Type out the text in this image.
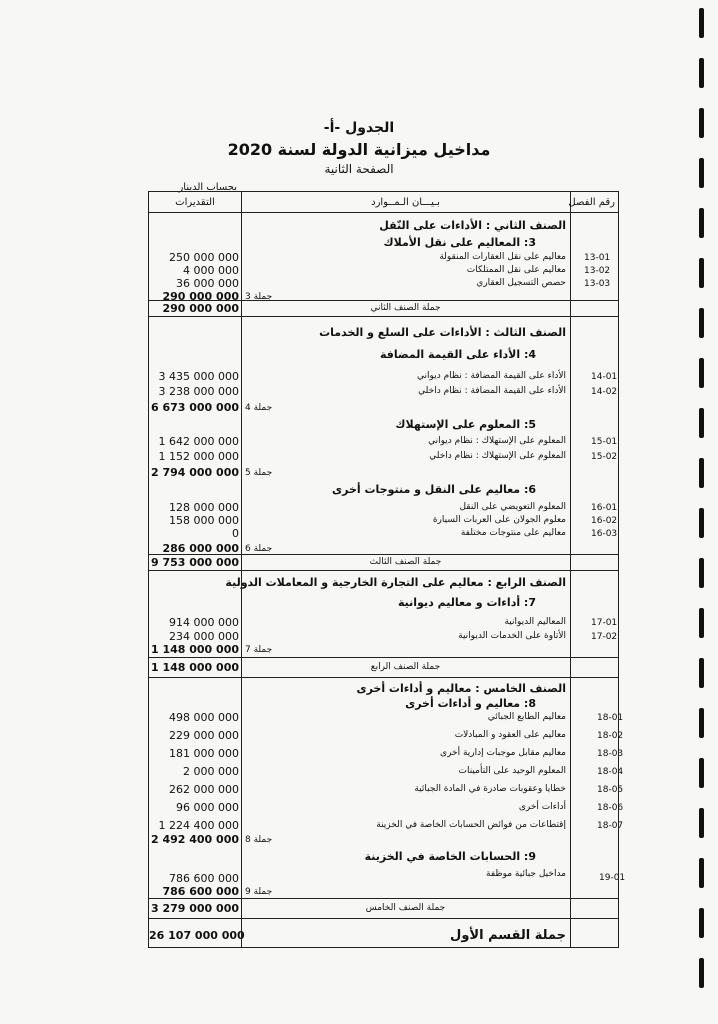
الجدول -أ-
مداخيل ميزانية الدولة لسنة 2020
الصفحة الثانية
بحساب الدينار
رقم الفصل
بـيـــان الـمــوارد
التقديرات
الصنف الثاني : الأداءات على النّقل
3: المعاليم على نقل الأملاك
13-01
معاليم على نقل العقارات المنقولة
250 000 000
13-02
معاليم على نقل الممتلكات
4 000 000
13-03
حصص التسجيل العقاري
36 000 000
290 000 000 جملة 3
جملة الصنف الثاني
290 000 000
الصنف الثالث : الأداءات على السلع و الخدمات
4: الأداء على القيمة المضافة
14-01
الأداء على القيمة المضافة : نظام ديواني
3 435 000 000
14-02
الأداء على القيمة المضافة : نظام داخلي
3 238 000 000
6 673 000 000 جملة 4
5: المعلوم على الإستهلاك
15-01
المعلوم على الإستهلاك : نظام ديواني
1 642 000 000
15-02
المعلوم على الإستهلاك : نظام داخلي
1 152 000 000
2 794 000 000 جملة 5
6: معاليم على النقل و منتوجات أخرى
16-01
المعلوم التعويضي على النقل
128 000 000
16-02
معلوم الجولان على العربات السيارة
158 000 000
16-03
معاليم على منتوجات مختلفة
0
286 000 000 جملة 6
جملة الصنف الثالث
9 753 000 000
الصنف الرابع : معاليم على التجارة الخارجية و المعاملات الدولية
7: أداءات و معاليم ديوانية
17-01
المعاليم الديوانية
914 000 000
17-02
الأتاوة على الخدمات الديوانية
234 000 000
1 148 000 000 جملة 7
جملة الصنف الرابع
1 148 000 000
الصنف الخامس : معاليم و أداءات أخرى
8: معاليم و أداءات أخرى
18-01
معاليم الطابع الجبائي
498 000 000
18-02
معاليم على العقود و المبادلات
229 000 000
18-03
معاليم مقابل موجبات إدارية أخرى
181 000 000
18-04
المعلوم الوحيد على التأمينات
2 000 000
18-05
خطايا وعقوبات صادرة في المادة الجبائية
262 000 000
18-06
أداءات أخرى
96 000 000
18-07
إقتطاعات من فوائض الحسابات الخاصة في الخزينة
1 224 400 000
2 492 400 000 جملة 8
9: الحسابات الخاصة في الخزينة
19-01
مداخيل جبائية موظفة
786 600 000
786 600 000 جملة 9
جملة الصنف الخامس
3 279 000 000
26 107 000 000	جملة القسم الأول
